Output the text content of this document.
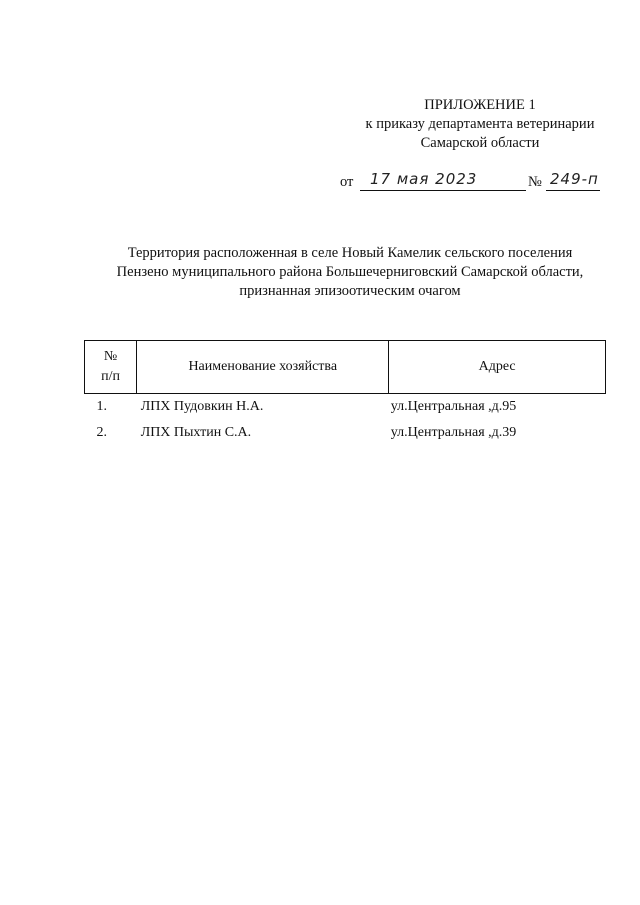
ПРИЛОЖЕНИЕ 1
к приказу департамента ветеринарии
Самарской области
от 17 мая 2023	№ 249-п
Территория расположенная в селе Новый Камелик сельского поселения
Пензено муниципального района Большечерниговский Самарской области,
признанная эпизоотическим очагом
№
п/п	Наименование хозяйства	Адрес
1.	ЛПХ Пудовкин Н.А.	ул.Центральная ,д.95
2.	ЛПХ Пыхтин С.А.	ул.Центральная ,д.39
